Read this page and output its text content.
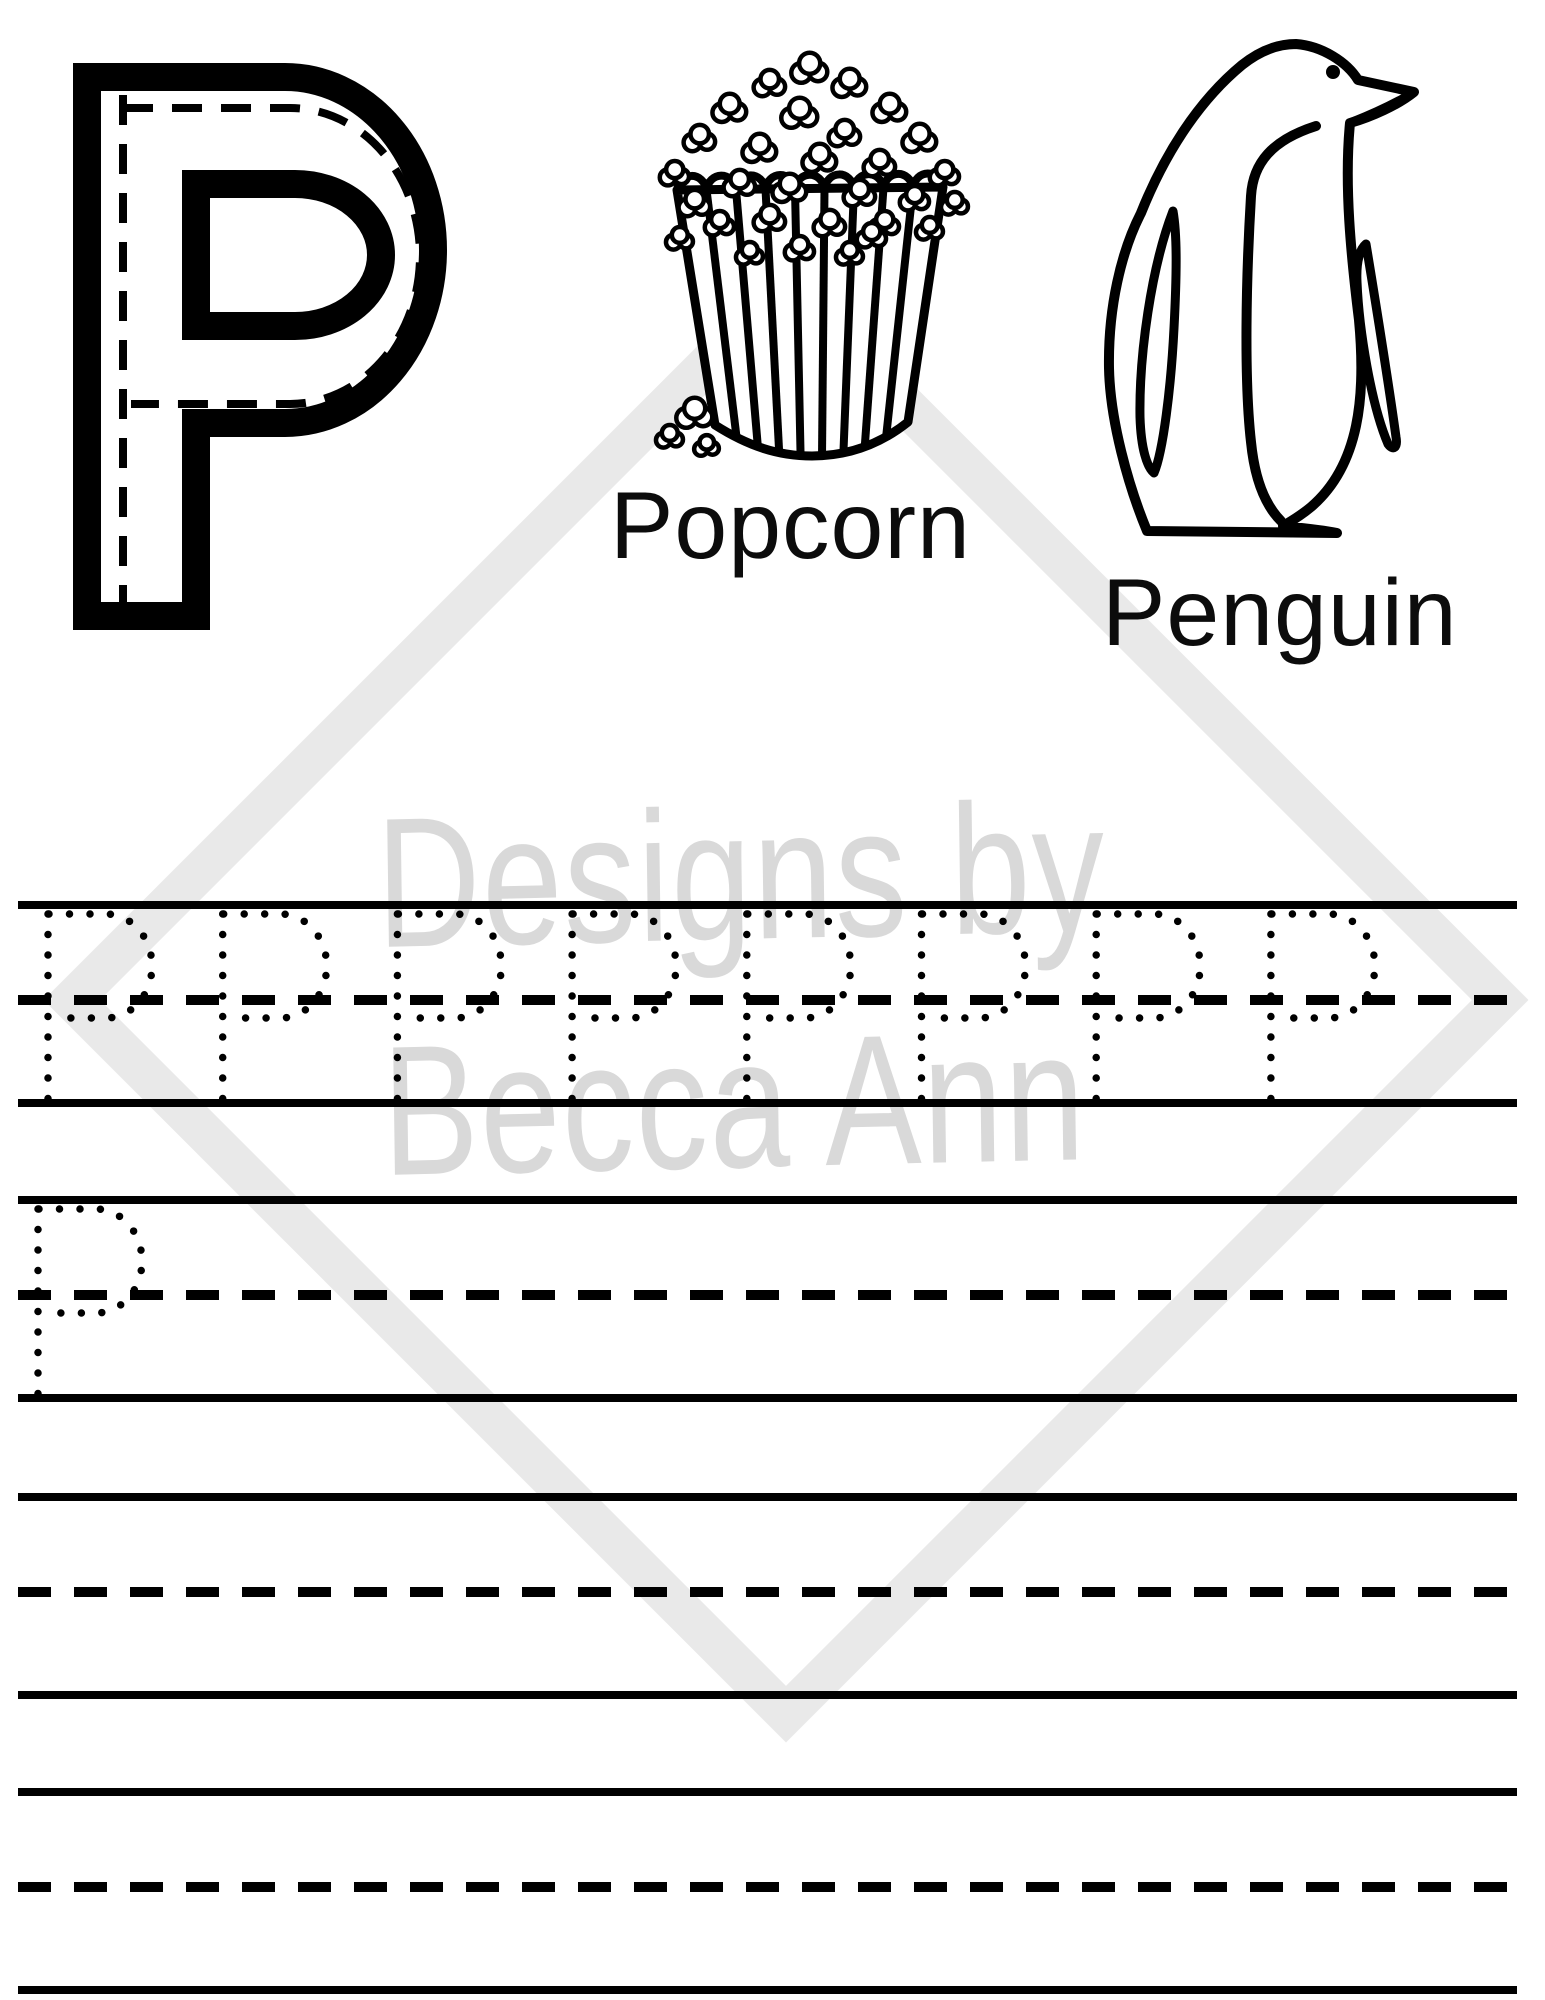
Designs by
Becca Ann
Popcorn
Penguin
